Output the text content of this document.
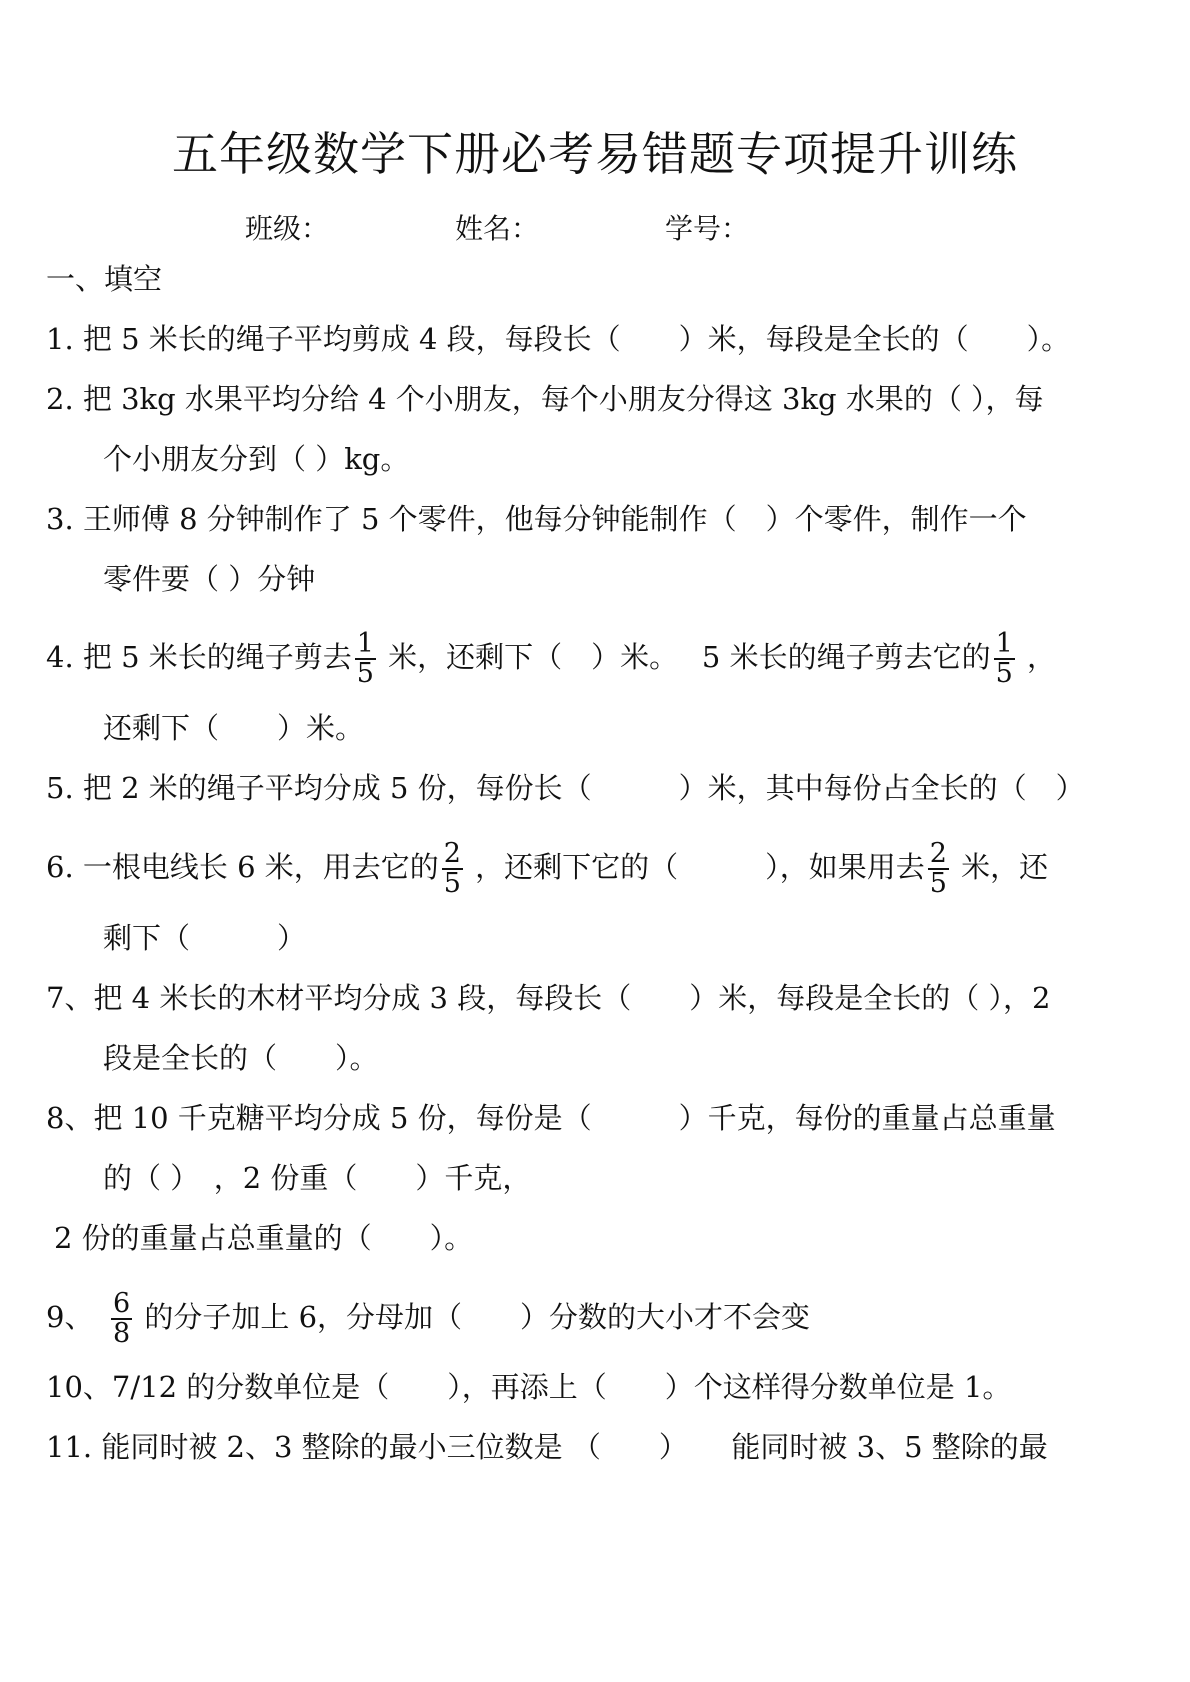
五年级数学下册必考易错题专项提升训练
班级：	姓名：	学号：
一、填空
1. 把 5 米长的绳子平均剪成 4 段，每段长（　　）米，每段是全长的（　　）。
2. 把 3kg 水果平均分给 4 个小朋友，每个小朋友分得这 3kg 水果的（ ），每
个小朋友分到（ ）kg。
3. 王师傅 8 分钟制作了 5 个零件，他每分钟能制作（　）个零件，制作一个
零件要（ ）分钟
4. 把 5 米长的绳子剪去 $\frac{1}{5}$ 米，还剩下（　）米。　 5 米长的绳子剪去它的 $\frac{1}{5}$ ，
还剩下（　　）米。
5. 把 2 米的绳子平均分成 5 份，每份长（　　　）米，其中每份占全长的（　）
6. 一根电线长 6 米，用去它的 $\frac{2}{5}$ ，还剩下它的（　　　），如果用去 $\frac{2}{5}$ 米，还
剩下（　　　）
7、把 4 米长的木材平均分成 3 段，每段长（　　）米，每段是全长的（ ），2
段是全长的（　　）。
8、把 10 千克糖平均分成 5 份，每份是（　　　）千克，每份的重量占总重量
的（ ）　，2 份重（　　）千克，
2 份的重量占总重量的（　　）。
9、　 $\frac{6}{8}$ 的分子加上 6，分母加（　　）分数的大小才不会变
10、7/12 的分数单位是（　　），再添上（　　）个这样得分数单位是 1。
11. 能同时被 2、3 整除的最小三位数是 （　　）　　能同时被 3、5 整除的最
